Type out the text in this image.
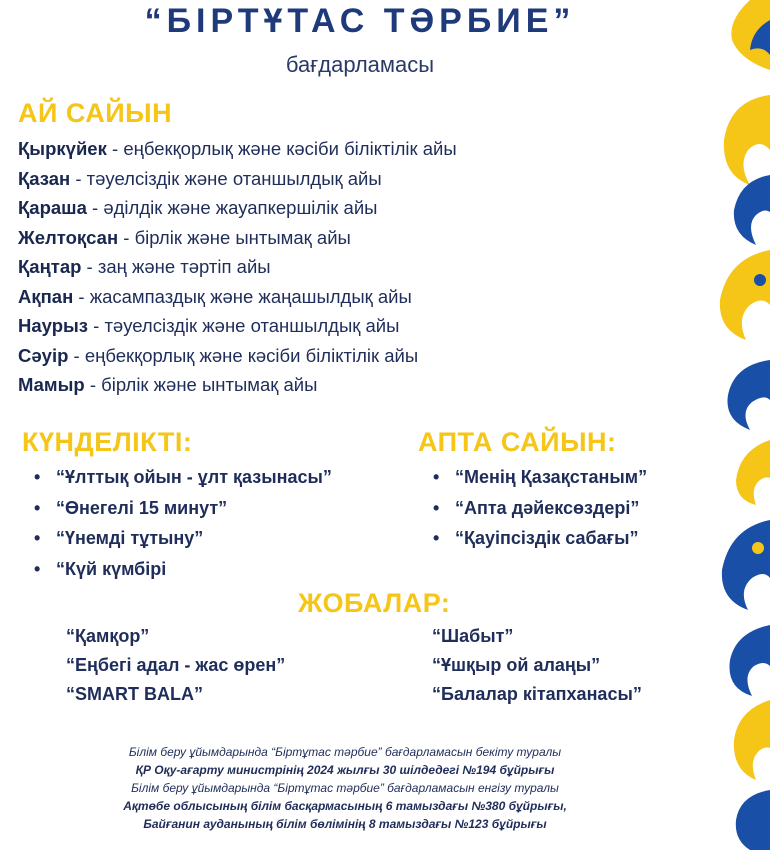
“БІРТҰТАС ТӘРБИЕ”
бағдарламасы
АЙ САЙЫН
Қыркүйек - еңбекқорлық және кәсіби біліктілік айы
Қазан - тәуелсіздік және отаншылдық айы
Қараша - әділдік және жауапкершілік айы
Желтоқсан - бірлік және ынтымақ айы
Қаңтар - заң және тәртіп айы
Ақпан - жасампаздық және жаңашылдық айы
Наурыз - тәуелсіздік және отаншылдық айы
Сәуір - еңбекқорлық және кәсіби біліктілік айы
Мамыр - бірлік және ынтымақ айы
КҮНДЕЛІКТІ:
• “Ұлттық ойын - ұлт қазынасы”
• “Өнегелі 15 минут”
• “Үнемді тұтыну”
• “Күй күмбірі
АПТА САЙЫН:
• “Менің Қазақстаным”
• “Апта дәйексөздері”
• “Қауіпсіздік сабағы”
ЖОБАЛАР:
“Қамқор”
“Еңбегі адал - жас өрен”
“SMART BALA”
“Шабыт”
“Ұшқыр ой алаңы”
“Балалар кітапханасы”
Білім беру ұйымдарында “Біртұтас тәрбие” бағдарламасын бекіту туралы
ҚР Оқу-ағарту министрінің 2024 жылғы 30 шілдедегі №194 бұйрығы
Білім беру ұйымдарында “Біртұтас тәрбие” бағдарламасын енгізу туралы
Ақтөбе облысының білім басқармасының 6 тамыздағы №380 бұйрығы,
Байғанин ауданының білім бөлімінің 8 тамыздағы №123 бұйрығы
